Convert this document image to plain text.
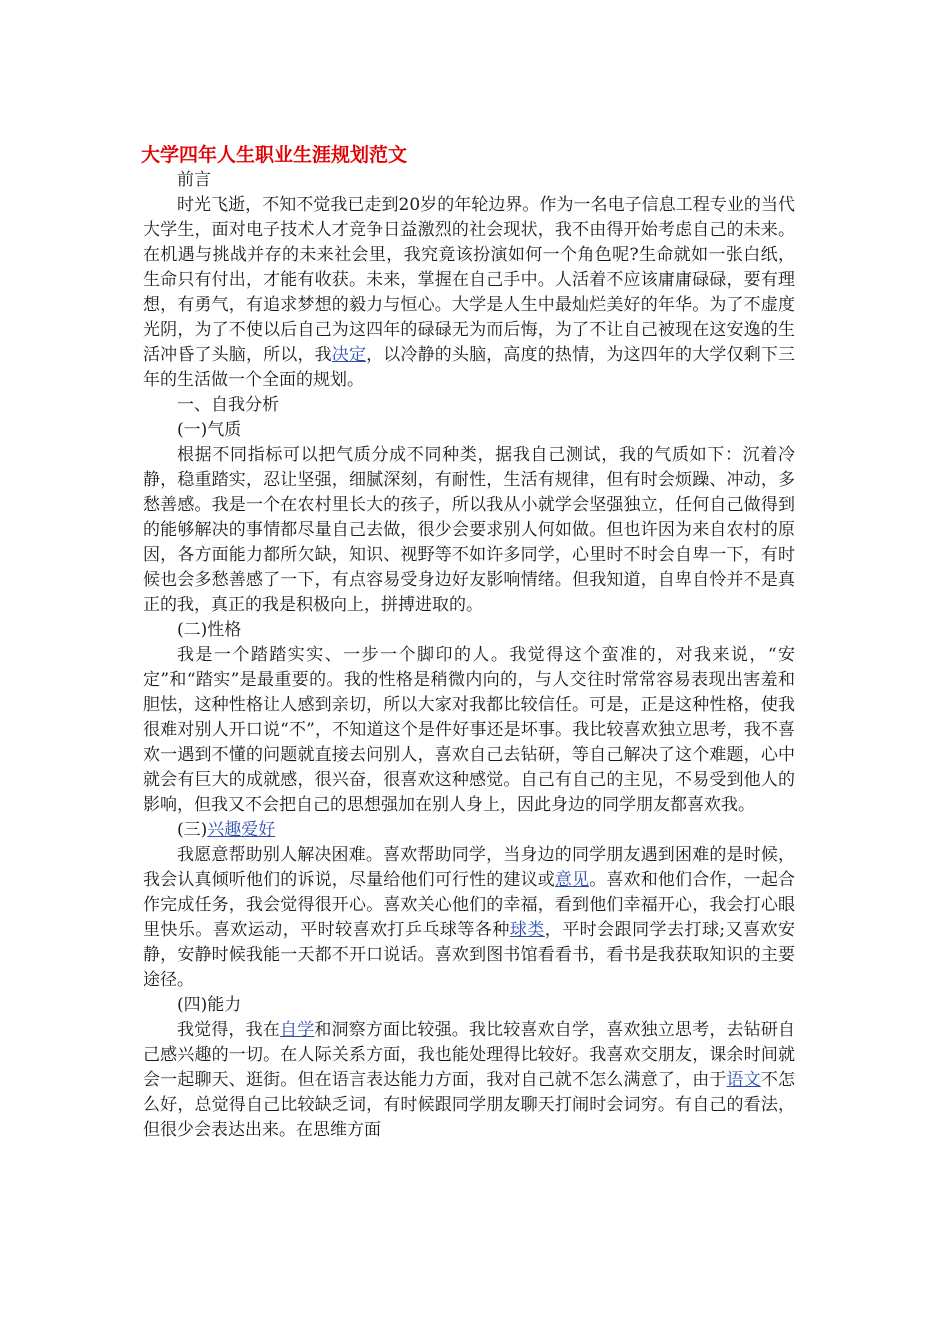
大学四年人生职业生涯规划范文

前言

时光飞逝，不知不觉我已走到20岁的年轮边界。作为一名电子信息工程专业的当代大学生，面对电子技术人才竞争日益激烈的社会现状，我不由得开始考虑自己的未来。在机遇与挑战并存的未来社会里，我究竟该扮演如何一个角色呢?生命就如一张白纸，生命只有付出，才能有收获。未来，掌握在自己手中。人活着不应该庸庸碌碌，要有理想，有勇气，有追求梦想的毅力与恒心。大学是人生中最灿烂美好的年华。为了不虚度光阴，为了不使以后自己为这四年的碌碌无为而后悔，为了不让自己被现在这安逸的生活冲昏了头脑，所以，我决定，以冷静的头脑，高度的热情，为这四年的大学仅剩下三年的生活做一个全面的规划。

一、自我分析

(一)气质

根据不同指标可以把气质分成不同种类，据我自己测试，我的气质如下：沉着冷静，稳重踏实，忍让坚强，细腻深刻，有耐性，生活有规律，但有时会烦躁、冲动，多愁善感。我是一个在农村里长大的孩子，所以我从小就学会坚强独立，任何自己做得到的能够解决的事情都尽量自己去做，很少会要求别人何如做。但也许因为来自农村的原因，各方面能力都所欠缺，知识、视野等不如许多同学，心里时不时会自卑一下，有时候也会多愁善感了一下，有点容易受身边好友影响情绪。但我知道，自卑自怜并不是真正的我，真正的我是积极向上，拼搏进取的。

(二)性格

我是一个踏踏实实、一步一个脚印的人。我觉得这个蛮准的，对我来说，“安定”和“踏实”是最重要的。我的性格是稍微内向的，与人交往时常常容易表现出害羞和胆怯，这种性格让人感到亲切，所以大家对我都比较信任。可是，正是这种性格，使我很难对别人开口说“不”，不知道这个是件好事还是坏事。我比较喜欢独立思考，我不喜欢一遇到不懂的问题就直接去问别人，喜欢自己去钻研，等自己解决了这个难题，心中就会有巨大的成就感，很兴奋，很喜欢这种感觉。自己有自己的主见，不易受到他人的影响，但我又不会把自己的思想强加在别人身上，因此身边的同学朋友都喜欢我。

(三)兴趣爱好

我愿意帮助别人解决困难。喜欢帮助同学，当身边的同学朋友遇到困难的是时候，我会认真倾听他们的诉说，尽量给他们可行性的建议或意见。喜欢和他们合作，一起合作完成任务，我会觉得很开心。喜欢关心他们的幸福，看到他们幸福开心，我会打心眼里快乐。喜欢运动，平时较喜欢打乒乓球等各种球类，平时会跟同学去打球;又喜欢安静，安静时候我能一天都不开口说话。喜欢到图书馆看看书，看书是我获取知识的主要途径。

(四)能力

我觉得，我在自学和洞察方面比较强。我比较喜欢自学，喜欢独立思考，去钻研自己感兴趣的一切。在人际关系方面，我也能处理得比较好。我喜欢交朋友，课余时间就会一起聊天、逛街。但在语言表达能力方面，我对自己就不怎么满意了，由于语文不怎么好，总觉得自己比较缺乏词，有时候跟同学朋友聊天打闹时会词穷。有自己的看法，但很少会表达出来。在思维方面
